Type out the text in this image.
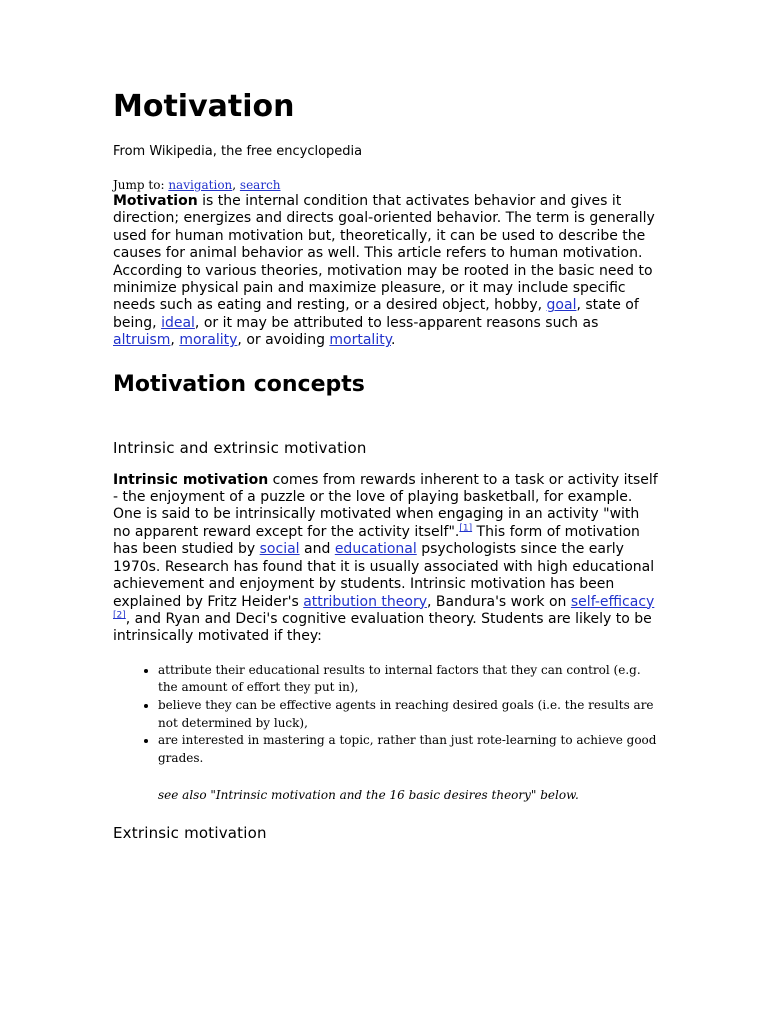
Motivation
From Wikipedia, the free encyclopedia
Jump to: navigation, search

Motivation is the internal condition that activates behavior and gives it direction; energizes and directs goal-oriented behavior. The term is generally used for human motivation but, theoretically, it can be used to describe the causes for animal behavior as well. This article refers to human motivation. According to various theories, motivation may be rooted in the basic need to minimize physical pain and maximize pleasure, or it may include specific needs such as eating and resting, or a desired object, hobby, goal, state of being, ideal, or it may be attributed to less-apparent reasons such as altruism, morality, or avoiding mortality.

Motivation concepts
Intrinsic and extrinsic motivation

Intrinsic motivation comes from rewards inherent to a task or activity itself - the enjoyment of a puzzle or the love of playing basketball, for example. One is said to be intrinsically motivated when engaging in an activity "with no apparent reward except for the activity itself".[1] This form of motivation has been studied by social and educational psychologists since the early 1970s. Research has found that it is usually associated with high educational achievement and enjoyment by students. Intrinsic motivation has been explained by Fritz Heider's attribution theory, Bandura's work on self-efficacy [2], and Ryan and Deci's cognitive evaluation theory. Students are likely to be intrinsically motivated if they:

• attribute their educational results to internal factors that they can control (e.g. the amount of effort they put in),
• believe they can be effective agents in reaching desired goals (i.e. the results are not determined by luck),
• are interested in mastering a topic, rather than just rote-learning to achieve good grades.
see also "Intrinsic motivation and the 16 basic desires theory" below.
Extrinsic motivation
